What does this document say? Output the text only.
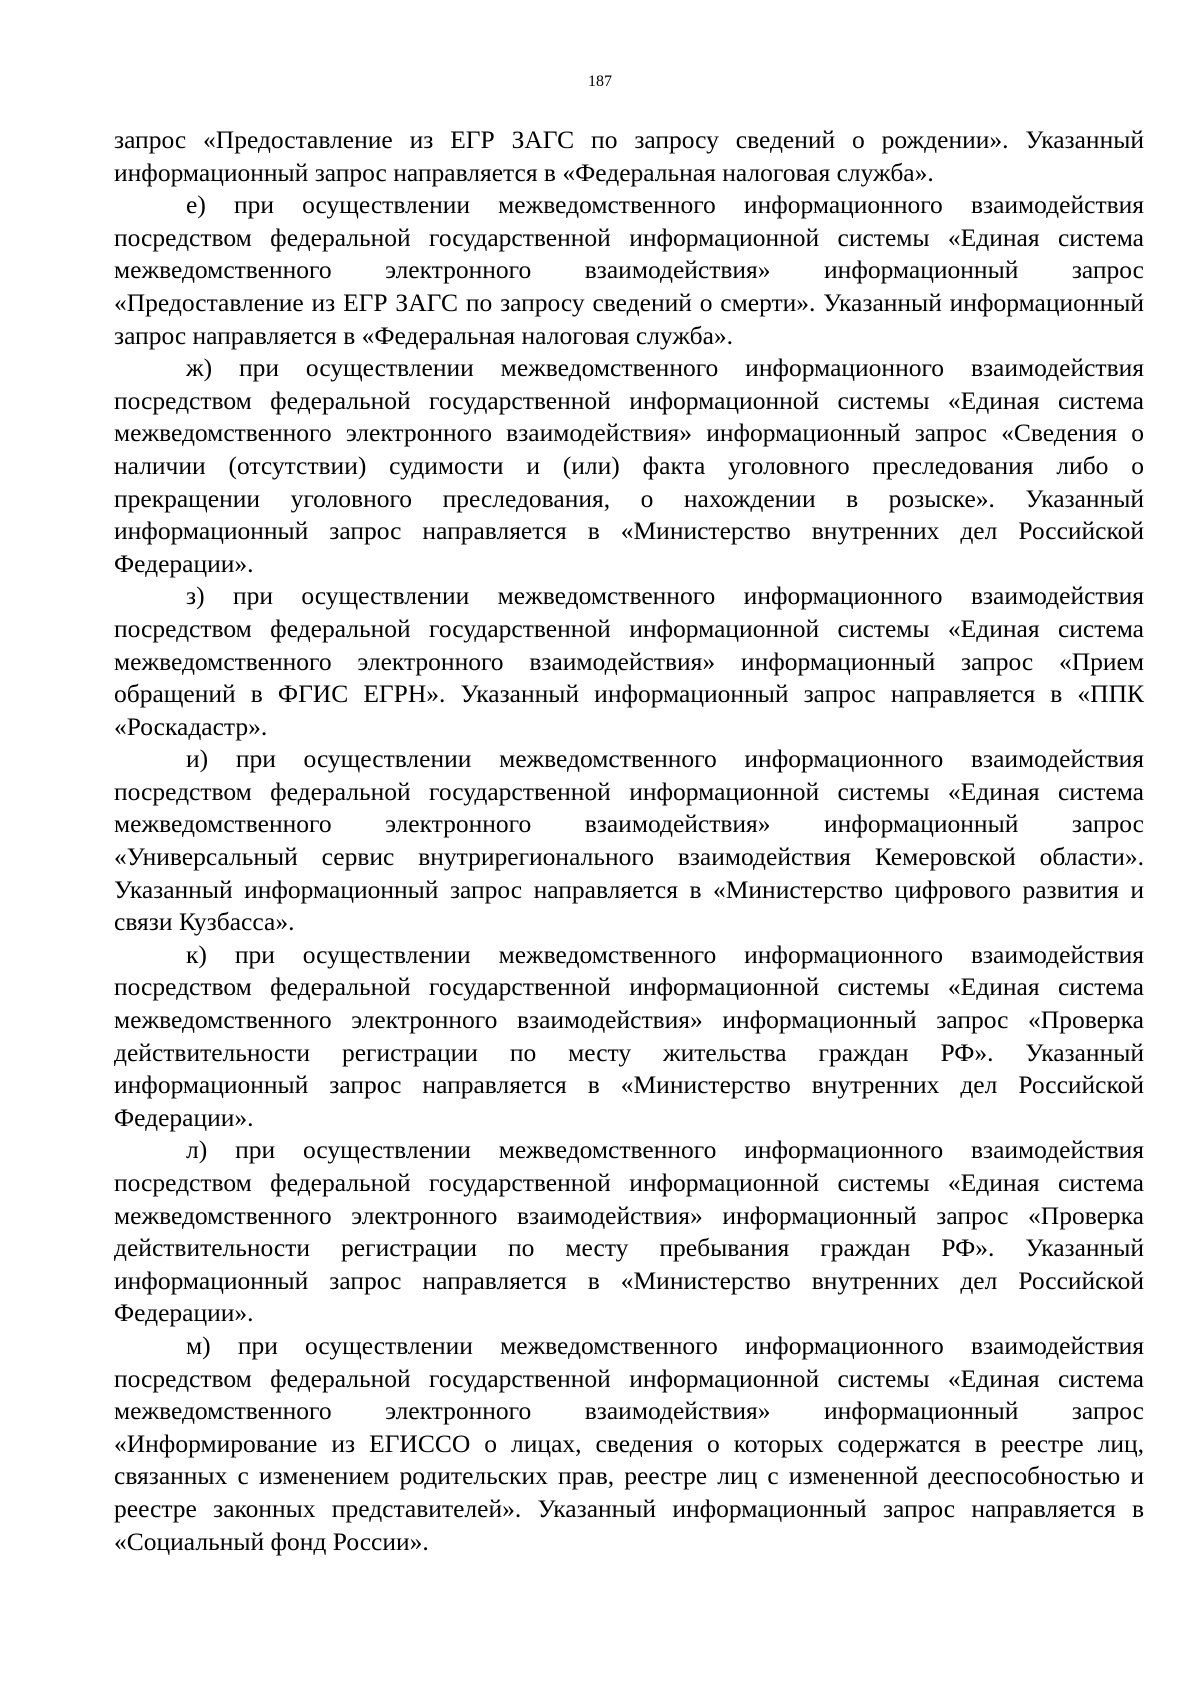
187

запрос «Предоставление из ЕГР ЗАГС по запросу сведений о рождении». Указанный информационный запрос направляется в «Федеральная налоговая служба».

е) при осуществлении межведомственного информационного взаимодействия посредством федеральной государственной информационной системы «Единая система межведомственного электронного взаимодействия» информационный запрос «Предоставление из ЕГР ЗАГС по запросу сведений о смерти». Указанный информационный запрос направляется в «Федеральная налоговая служба».

ж) при осуществлении межведомственного информационного взаимодействия посредством федеральной государственной информационной системы «Единая система межведомственного электронного взаимодействия» информационный запрос «Сведения о наличии (отсутствии) судимости и (или) факта уголовного преследования либо о прекращении уголовного преследования, о нахождении в розыске». Указанный информационный запрос направляется в «Министерство внутренних дел Российской Федерации».

з) при осуществлении межведомственного информационного взаимодействия посредством федеральной государственной информационной системы «Единая система межведомственного электронного взаимодействия» информационный запрос «Прием обращений в ФГИС ЕГРН». Указанный информационный запрос направляется в «ППК «Роскадастр».

и) при осуществлении межведомственного информационного взаимодействия посредством федеральной государственной информационной системы «Единая система межведомственного электронного взаимодействия» информационный запрос «Универсальный сервис внутрирегионального взаимодействия Кемеровской области». Указанный информационный запрос направляется в «Министерство цифрового развития и связи Кузбасса».

к) при осуществлении межведомственного информационного взаимодействия посредством федеральной государственной информационной системы «Единая система межведомственного электронного взаимодействия» информационный запрос «Проверка действительности регистрации по месту жительства граждан РФ». Указанный информационный запрос направляется в «Министерство внутренних дел Российской Федерации».

л) при осуществлении межведомственного информационного взаимодействия посредством федеральной государственной информационной системы «Единая система межведомственного электронного взаимодействия» информационный запрос «Проверка действительности регистрации по месту пребывания граждан РФ». Указанный информационный запрос направляется в «Министерство внутренних дел Российской Федерации».

м) при осуществлении межведомственного информационного взаимодействия посредством федеральной государственной информационной системы «Единая система межведомственного электронного взаимодействия» информационный запрос «Информирование из ЕГИССО о лицах, сведения о которых содержатся в реестре лиц, связанных с изменением родительских прав, реестре лиц с измененной дееспособностью и реестре законных представителей». Указанный информационный запрос направляется в «Социальный фонд России».
